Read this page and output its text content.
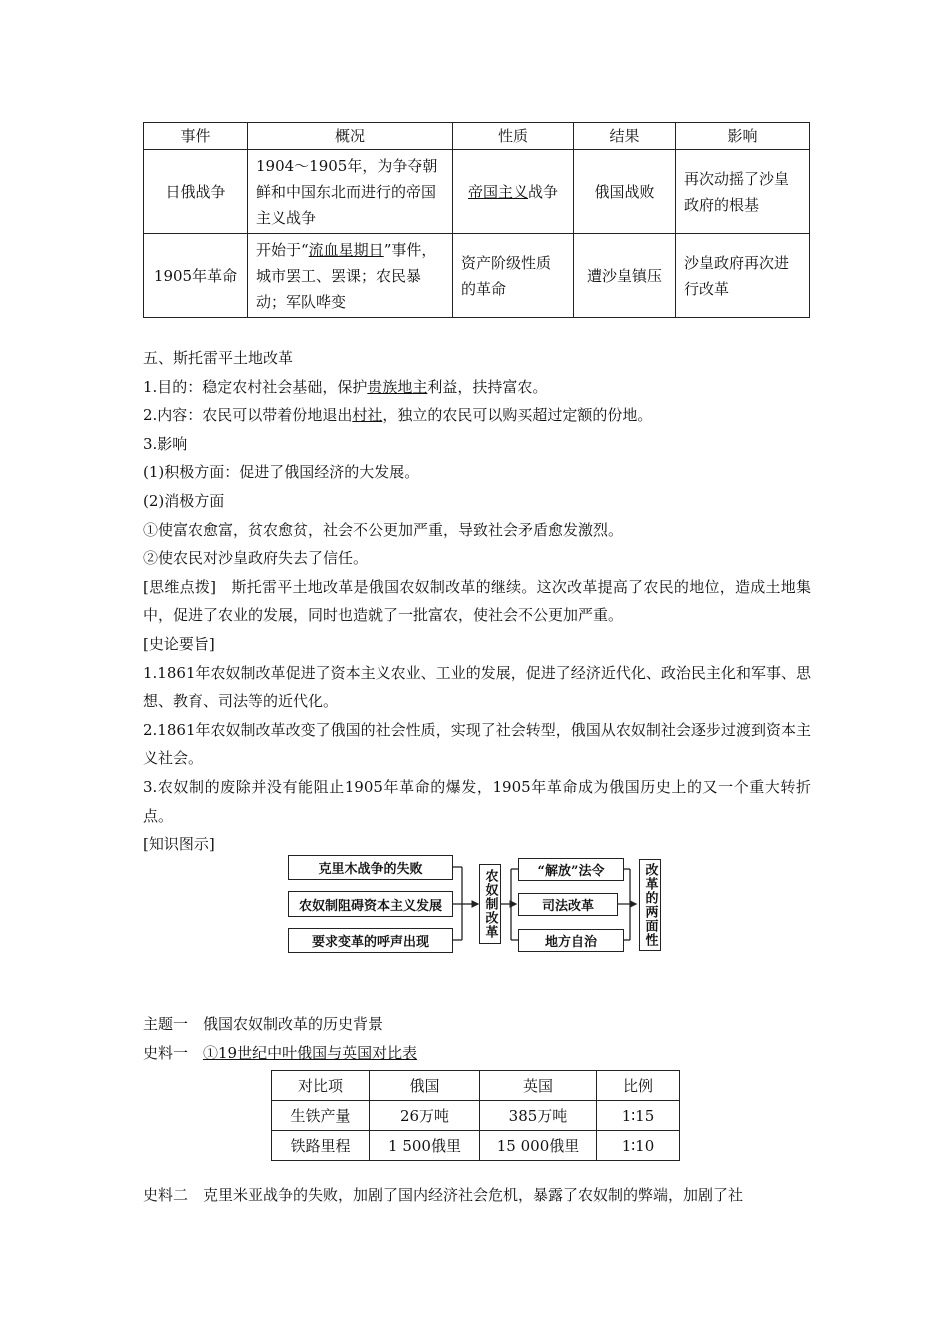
事件	概况	性质	结果	影响
日俄战争	1904～1905年，为争夺朝鲜和中国东北而进行的帝国主义战争	帝国主义战争	俄国战败	再次动摇了沙皇政府的根基
1905年革命	开始于“流血星期日”事件，城市罢工、罢课；农民暴动；军队哗变	资产阶级性质的革命	遭沙皇镇压	沙皇政府再次进行改革
五、斯托雷平土地改革
1.目的：稳定农村社会基础，保护贵族地主利益，扶持富农。
2.内容：农民可以带着份地退出村社，独立的农民可以购买超过定额的份地。
3.影响
(1)积极方面：促进了俄国经济的大发展。
(2)消极方面
①使富农愈富，贫农愈贫，社会不公更加严重，导致社会矛盾愈发激烈。
②使农民对沙皇政府失去了信任。
[思维点拨]　斯托雷平土地改革是俄国农奴制改革的继续。这次改革提高了农民的地位，造成土地集中，促进了农业的发展，同时也造就了一批富农，使社会不公更加严重。
[史论要旨]
1.1861年农奴制改革促进了资本主义农业、工业的发展，促进了经济近代化、政治民主化和军事、思想、教育、司法等的近代化。
2.1861年农奴制改革改变了俄国的社会性质，实现了社会转型，俄国从农奴制社会逐步过渡到资本主义社会。
3.农奴制的废除并没有能阻止1905年革命的爆发，1905年革命成为俄国历史上的又一个重大转折点。
[知识图示]
克里木战争的失败
农奴制阻碍资本主义发展
要求变革的呼声出现
农奴制改革	“解放”法令
司法改革
地方自治	改革的两面性
主题一　俄国农奴制改革的历史背景
史料一　①19世纪中叶俄国与英国对比表
对比项	俄国	英国	比例
生铁产量	26万吨	385万吨	1∶15
铁路里程	1 500俄里	15 000俄里	1∶10
史料二　克里米亚战争的失败，加剧了国内经济社会危机，暴露了农奴制的弊端，加剧了社
